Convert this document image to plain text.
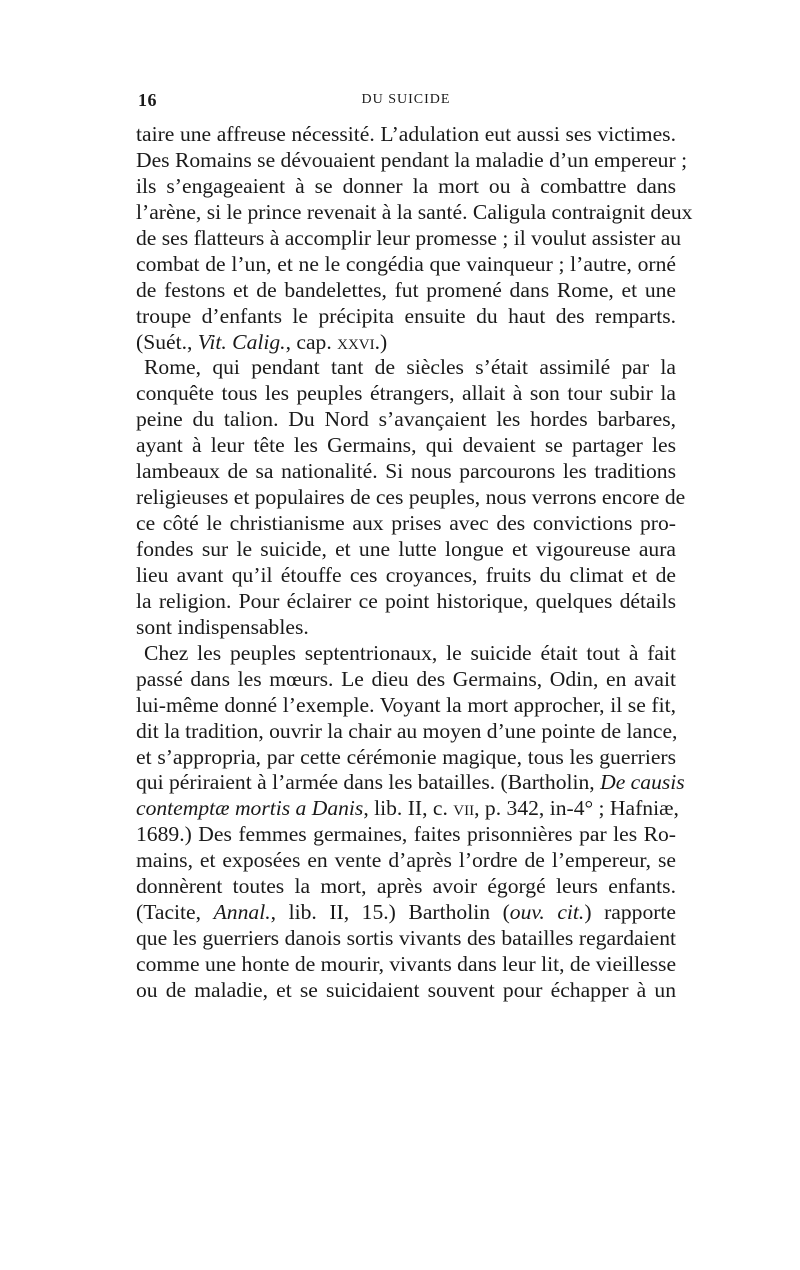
16	DU SUICIDE
taire une affreuse nécessité. L’adulation eut aussi ses victimes.
Des Romains se dévouaient pendant la maladie d’un empereur ;
ils s’engageaient à se donner la mort ou à combattre dans
l’arène, si le prince revenait à la santé. Caligula contraignit deux
de ses flatteurs à accomplir leur promesse ; il voulut assister au
combat de l’un, et ne le congédia que vainqueur ; l’autre, orné
de festons et de bandelettes, fut promené dans Rome, et une
troupe d’enfants le précipita ensuite du haut des remparts.
(Suét., Vit. Calig., cap. xxvi.)
Rome, qui pendant tant de siècles s’était assimilé par la
conquête tous les peuples étrangers, allait à son tour subir la
peine du talion. Du Nord s’avançaient les hordes barbares,
ayant à leur tête les Germains, qui devaient se partager les
lambeaux de sa nationalité. Si nous parcourons les traditions
religieuses et populaires de ces peuples, nous verrons encore de
ce côté le christianisme aux prises avec des convictions pro-
fondes sur le suicide, et une lutte longue et vigoureuse aura
lieu avant qu’il étouffe ces croyances, fruits du climat et de
la religion. Pour éclairer ce point historique, quelques détails
sont indispensables.
Chez les peuples septentrionaux, le suicide était tout à fait
passé dans les mœurs. Le dieu des Germains, Odin, en avait
lui-même donné l’exemple. Voyant la mort approcher, il se fit,
dit la tradition, ouvrir la chair au moyen d’une pointe de lance,
et s’appropria, par cette cérémonie magique, tous les guerriers
qui périraient à l’armée dans les batailles. (Bartholin, De causis
contemptæ mortis a Danis, lib. II, c. vii, p. 342, in-4° ; Hafniæ,
1689.) Des femmes germaines, faites prisonnières par les Ro-
mains, et exposées en vente d’après l’ordre de l’empereur, se
donnèrent toutes la mort, après avoir égorgé leurs enfants.
(Tacite, Annal., lib. II, 15.) Bartholin (ouv. cit.) rapporte
que les guerriers danois sortis vivants des batailles regardaient
comme une honte de mourir, vivants dans leur lit, de vieillesse
ou de maladie, et se suicidaient souvent pour échapper à un
